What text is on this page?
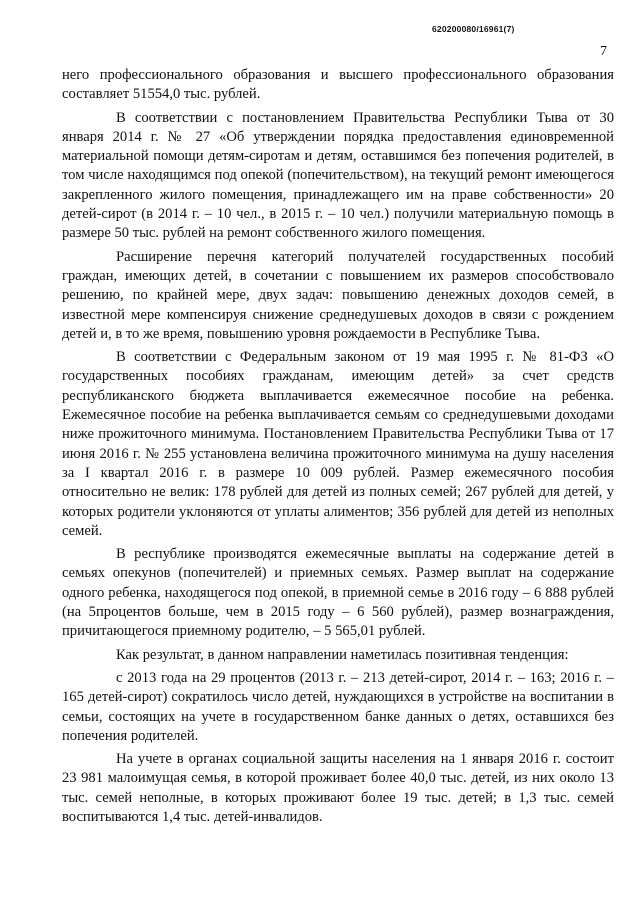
620200080/16961(7)
7

него профессионального образования и высшего профессионального образования составляет 51554,0 тыс. рублей.

В соответствии с постановлением Правительства Республики Тыва от 30 января 2014 г. № 27 «Об утверждении порядка предоставления единовременной материальной помощи детям-сиротам и детям, оставшимся без попечения родителей, в том числе находящимся под опекой (попечительством), на текущий ремонт имеющегося закрепленного жилого помещения, принадлежащего им на праве собственности» 20 детей-сирот (в 2014 г. – 10 чел., в 2015 г. – 10 чел.) получили материальную помощь в размере 50 тыс. рублей на ремонт собственного жилого помещения.

Расширение перечня категорий получателей государственных пособий граждан, имеющих детей, в сочетании с повышением их размеров способствовало решению, по крайней мере, двух задач: повышению денежных доходов семей, в известной мере компенсируя снижение среднедушевых доходов в связи с рождением детей и, в то же время, повышению уровня рождаемости в Республике Тыва.

В соответствии с Федеральным законом от 19 мая 1995 г. № 81-ФЗ «О государственных пособиях гражданам, имеющим детей» за счет средств республиканского бюджета выплачивается ежемесячное пособие на ребенка. Ежемесячное пособие на ребенка выплачивается семьям со среднедушевыми доходами ниже прожиточного минимума. Постановлением Правительства Республики Тыва от 17 июня 2016 г. № 255 установлена величина прожиточного минимума на душу населения за I квартал 2016 г. в размере 10 009 рублей. Размер ежемесячного пособия относительно не велик: 178 рублей для детей из полных семей; 267 рублей для детей, у которых родители уклоняются от уплаты алиментов; 356 рублей для детей из неполных семей.

В республике производятся ежемесячные выплаты на содержание детей в семьях опекунов (попечителей) и приемных семьях. Размер выплат на содержание одного ребенка, находящегося под опекой, в приемной семье в 2016 году – 6 888 рублей (на 5процентов больше, чем в 2015 году – 6 560 рублей), размер вознаграждения, причитающегося приемному родителю, – 5 565,01 рублей.

Как результат, в данном направлении наметилась позитивная тенденция:

с 2013 года на 29 процентов (2013 г. – 213 детей-сирот, 2014 г. – 163; 2016 г. – 165 детей-сирот) сократилось число детей, нуждающихся в устройстве на воспитании в семьи, состоящих на учете в государственном банке данных о детях, оставшихся без попечения родителей.

На учете в органах социальной защиты населения на 1 января 2016 г. состоит 23 981 малоимущая семья, в которой проживает более 40,0 тыс. детей, из них около 13 тыс. семей неполные, в которых проживают более 19 тыс. детей; в 1,3 тыс. семей воспитываются 1,4 тыс. детей-инвалидов.
